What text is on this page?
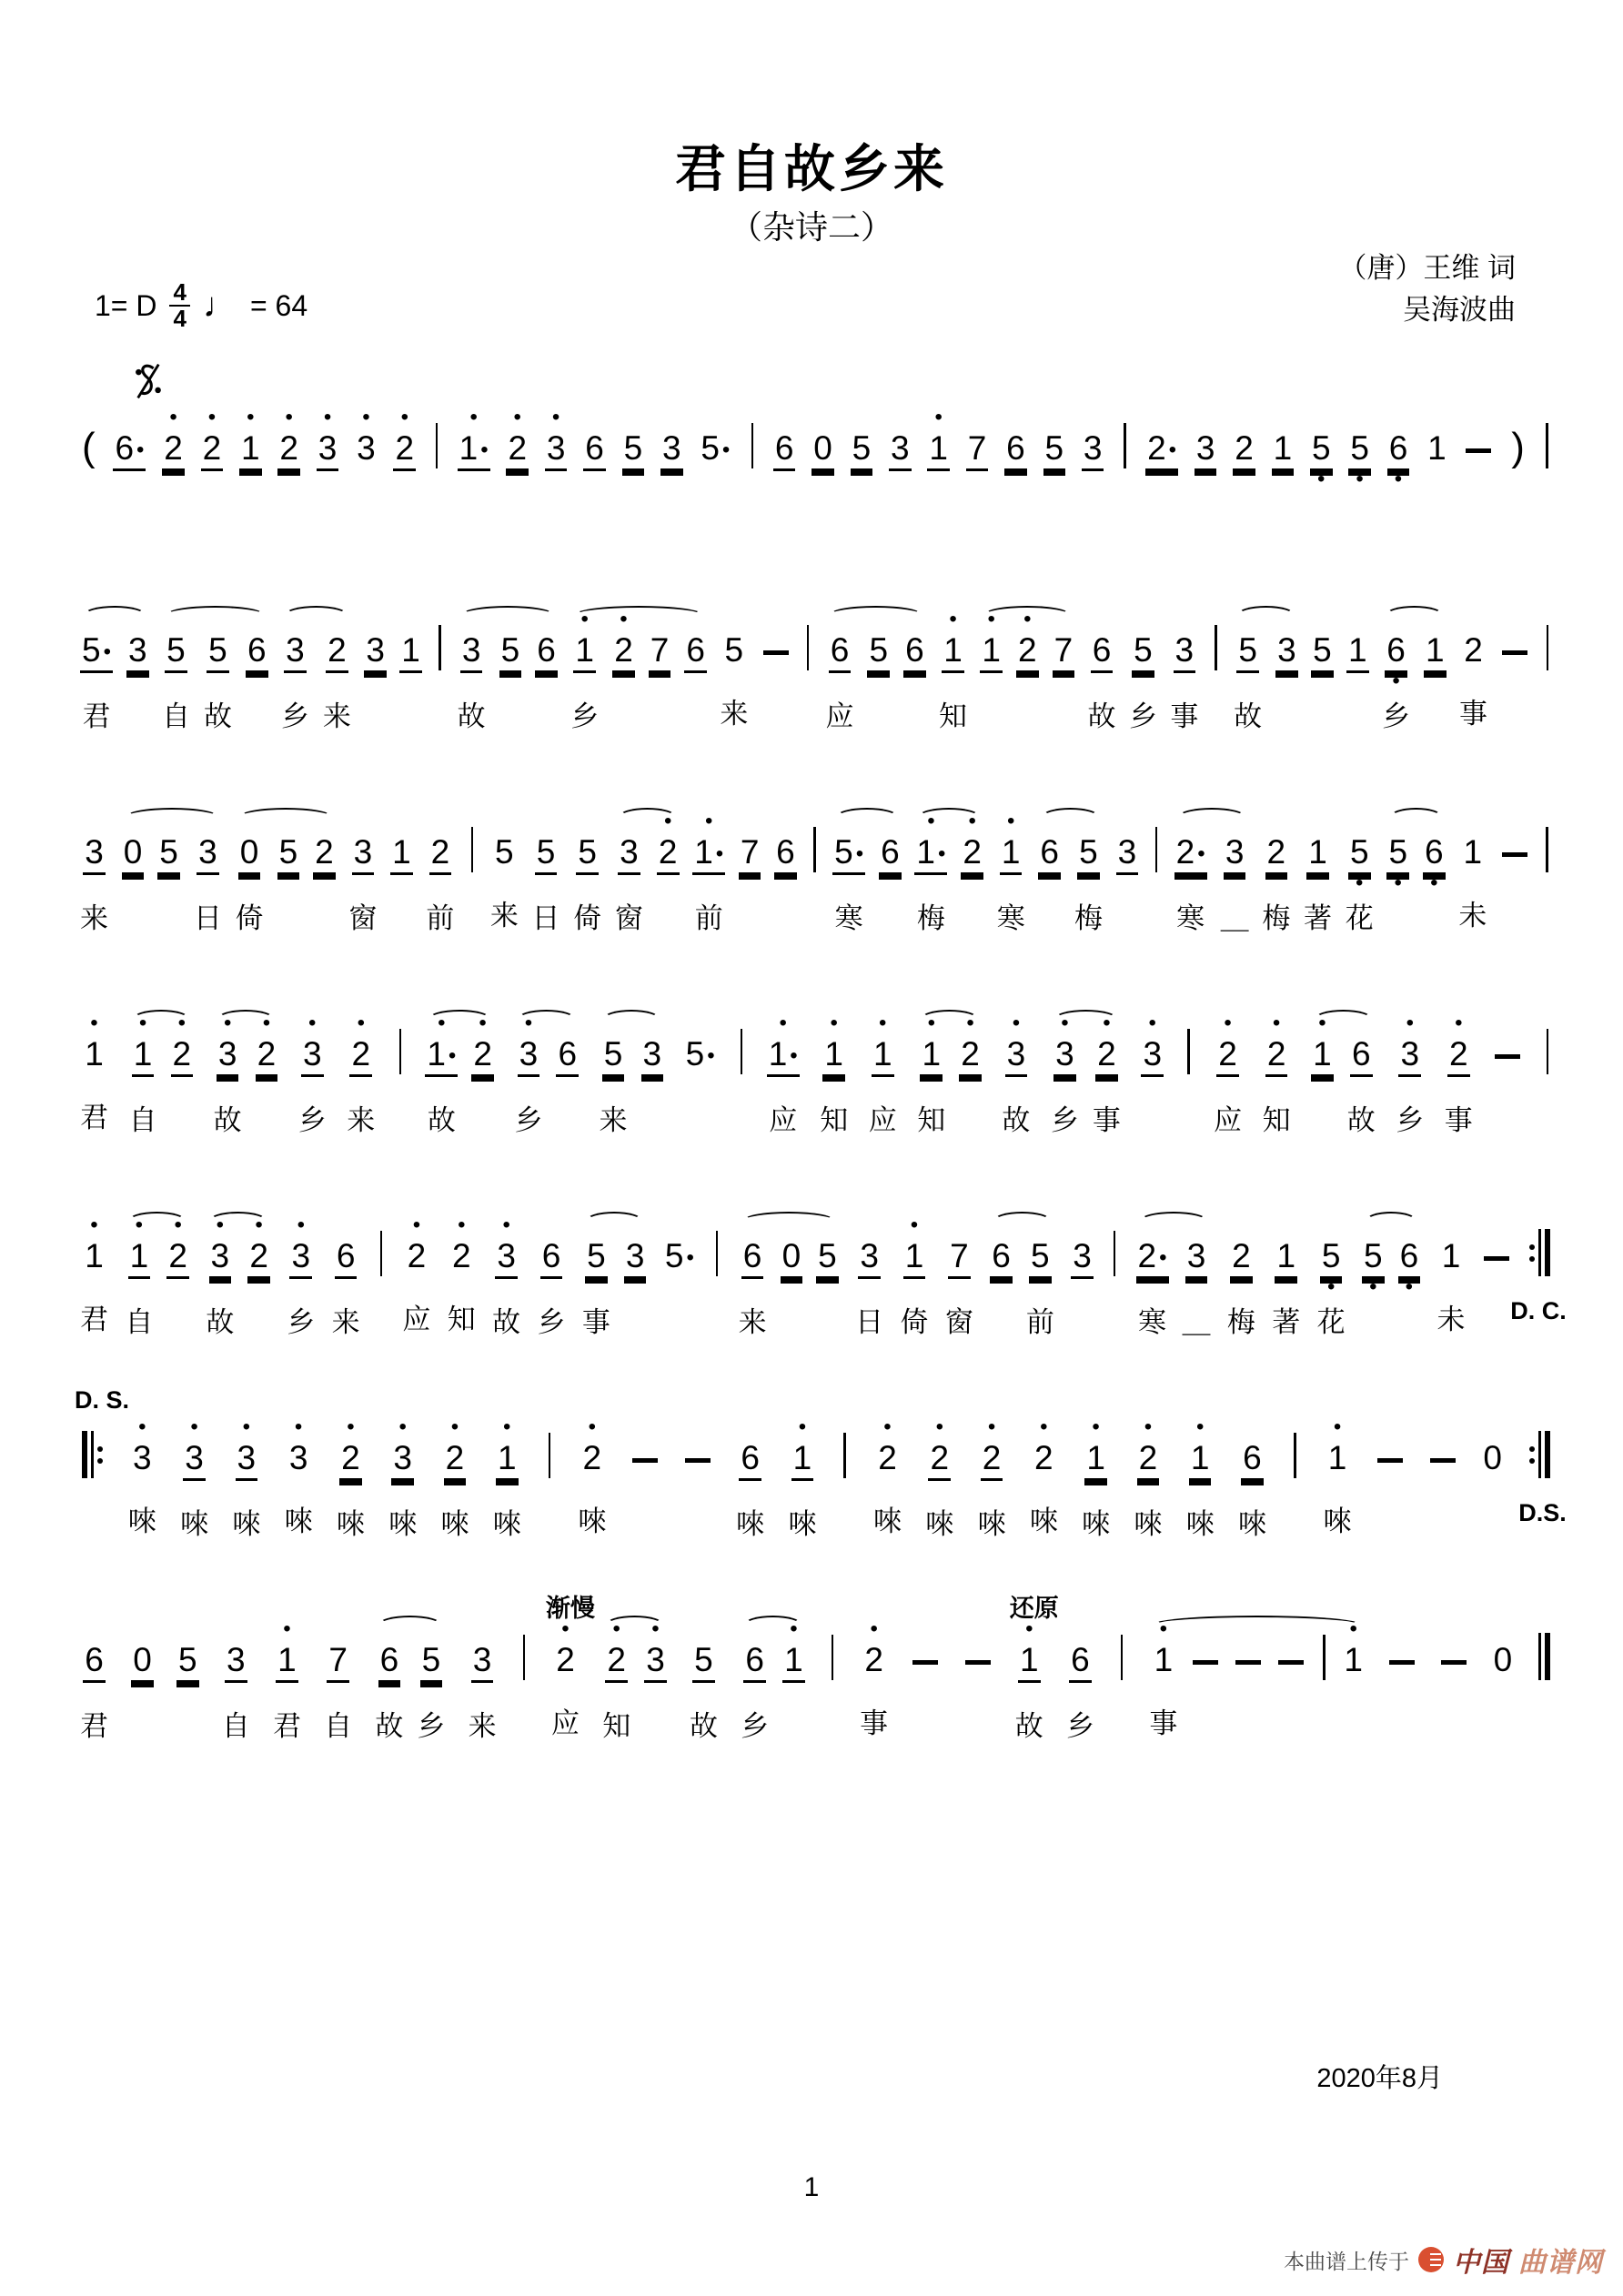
君自故乡来
（杂诗二）
（唐）王维 词
吴海波曲
1= D $\frac{4}{4}$ ♩ = 64
( 6 •
•
2
•
2
•
1
•
2
•
3
•
3
•
2
•
1 •
•
2
•
3 6 5 3 5 • 6 0 5 3
•
1 7 6 5 3 2 • 3 2 1 5
•
5
•
6
•
1 )
5 •
君
3 5
自
5
故
6 3
乡
2
来
3 1 3
故
5 6
•
1
乡
•
2 7 6 5
来
6
应
5 6
•
1
知
•
1
•
2 7 6
故
5
乡
3
事
5
故
3 5 1 6
•
乡
1 2
事
3
来
0 5 3
日
0
倚
5 2 3
窗
1 2
前
5
来
5
日
5
倚
3
窗
•
2
•
1 •
前
7 6 5 •
寒
6
•
1 •
梅
•
2
•
1
寒
6 5
梅
3 2 •
寒
3
＿
2
梅
1
著
5
•
花
5
•
6
•
1
未
•
1
君
•
1
自
•
2
•
3
故
•
2
•
3
乡
•
2
来
•
1 •
故
•
2
•
3
乡
6 5
来
3 5 •
•
1 •
应
•
1
知
•
1
应
•
1
知
•
2
•
3
故
•
3
乡
•
2
事
•
3
•
2
应
•
2
知
•
1 6
故
•
3
乡
•
2
事
•
1
君
•
1
自
•
2
•
3
故
•
2
•
3
乡
6
来
•
2
应
•
2
知
•
3
故
6
乡
5
事
3 5 • 6
来
0 5 3
日
•
1
倚
7
窗
6 5
前
3 2 •
寒
3
＿
2
梅
1
著
5
•
花
5
•
6
•
1
未 D. C.
D. S.
•
3
唻
•
3
唻
•
3
唻
•
3
唻
•
2
唻
•
3
唻
•
2
唻
•
1
唻
•
2
唻
6
唻
•
1
唻
•
2
唻
•
2
唻
•
2
唻
•
2
唻
•
1
唻
•
2
唻
•
1
唻
6
唻
•
1
唻
0
D.S.
6
君
0 5 3
自
•
1
君
7
自
6
故
5
乡
3
来
渐慢
•
2
应
•
2
知
•
3 5
故
6
乡
•
1
•
2
事
还原
•
1
故
6
乡
•
1
事
•
1	0
2020年8月
1
本曲谱上传于 中国 曲谱网
